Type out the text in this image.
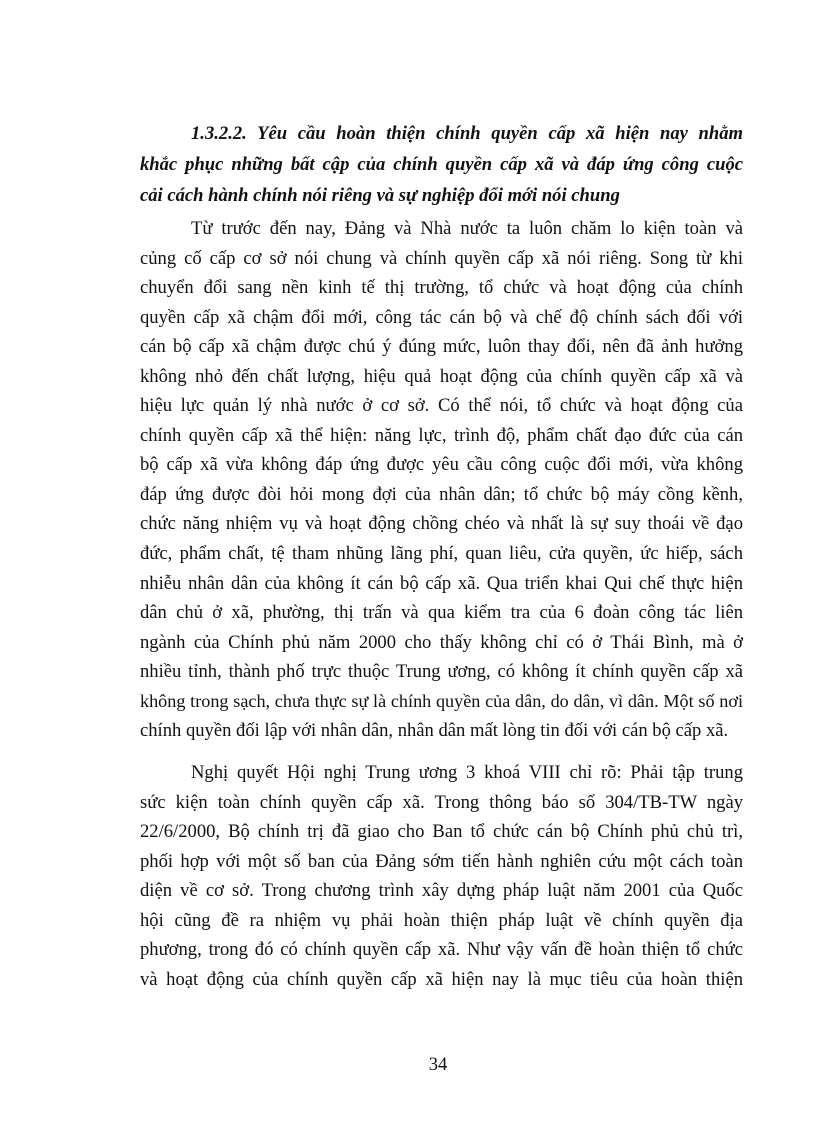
1.3.2.2. Yêu cầu hoàn thiện chính quyền cấp xã hiện nay nhằm
khắc phục những bất cập của chính quyền cấp xã và đáp ứng công cuộc
cải cách hành chính nói riêng và sự nghiệp đổi mới nói chung

Từ trước đến nay, Đảng và Nhà nước ta luôn chăm lo kiện toàn và
củng cố cấp cơ sở nói chung và chính quyền cấp xã nói riêng. Song từ khi
chuyển đổi sang nền kinh tế thị trường, tổ chức và hoạt động của chính
quyền cấp xã chậm đổi mới, công tác cán bộ và chế độ chính sách đối với
cán bộ cấp xã chậm được chú ý đúng mức, luôn thay đổi, nên đã ảnh hưởng
không nhỏ đến chất lượng, hiệu quả hoạt động của chính quyền cấp xã và
hiệu lực quản lý nhà nước ở cơ sở. Có thể nói, tổ chức và hoạt động của
chính quyền cấp xã thể hiện: năng lực, trình độ, phẩm chất đạo đức của cán
bộ cấp xã vừa không đáp ứng được yêu cầu công cuộc đổi mới, vừa không
đáp ứng được đòi hỏi mong đợi của nhân dân; tổ chức bộ máy cồng kềnh,
chức năng nhiệm vụ và hoạt động chồng chéo và nhất là sự suy thoái về đạo
đức, phẩm chất, tệ tham nhũng lãng phí, quan liêu, cửa quyền, ức hiếp, sách
nhiễu nhân dân của không ít cán bộ cấp xã. Qua triển khai Qui chế thực hiện
dân chủ ở xã, phường, thị trấn và qua kiểm tra của 6 đoàn công tác liên
ngành của Chính phủ năm 2000 cho thấy không chỉ có ở Thái Bình, mà ở
nhiều tỉnh, thành phố trực thuộc Trung ương, có không ít chính quyền cấp xã
không trong sạch, chưa thực sự là chính quyền của dân, do dân, vì dân. Một số nơi
chính quyền đối lập với nhân dân, nhân dân mất lòng tin đối với cán bộ cấp xã.

Nghị quyết Hội nghị Trung ương 3 khoá VIII chỉ rõ: Phải tập trung
sức kiện toàn chính quyền cấp xã. Trong thông báo số 304/TB-TW ngày
22/6/2000, Bộ chính trị đã giao cho Ban tổ chức cán bộ Chính phủ chủ trì,
phối hợp với một số ban của Đảng sớm tiến hành nghiên cứu một cách toàn
diện về cơ sở. Trong chương trình xây dựng pháp luật năm 2001 của Quốc
hội cũng đề ra nhiệm vụ phải hoàn thiện pháp luật về chính quyền địa
phương, trong đó có chính quyền cấp xã. Như vậy vấn đề hoàn thiện tổ chức
và hoạt động của chính quyền cấp xã hiện nay là mục tiêu của hoàn thiện

34
